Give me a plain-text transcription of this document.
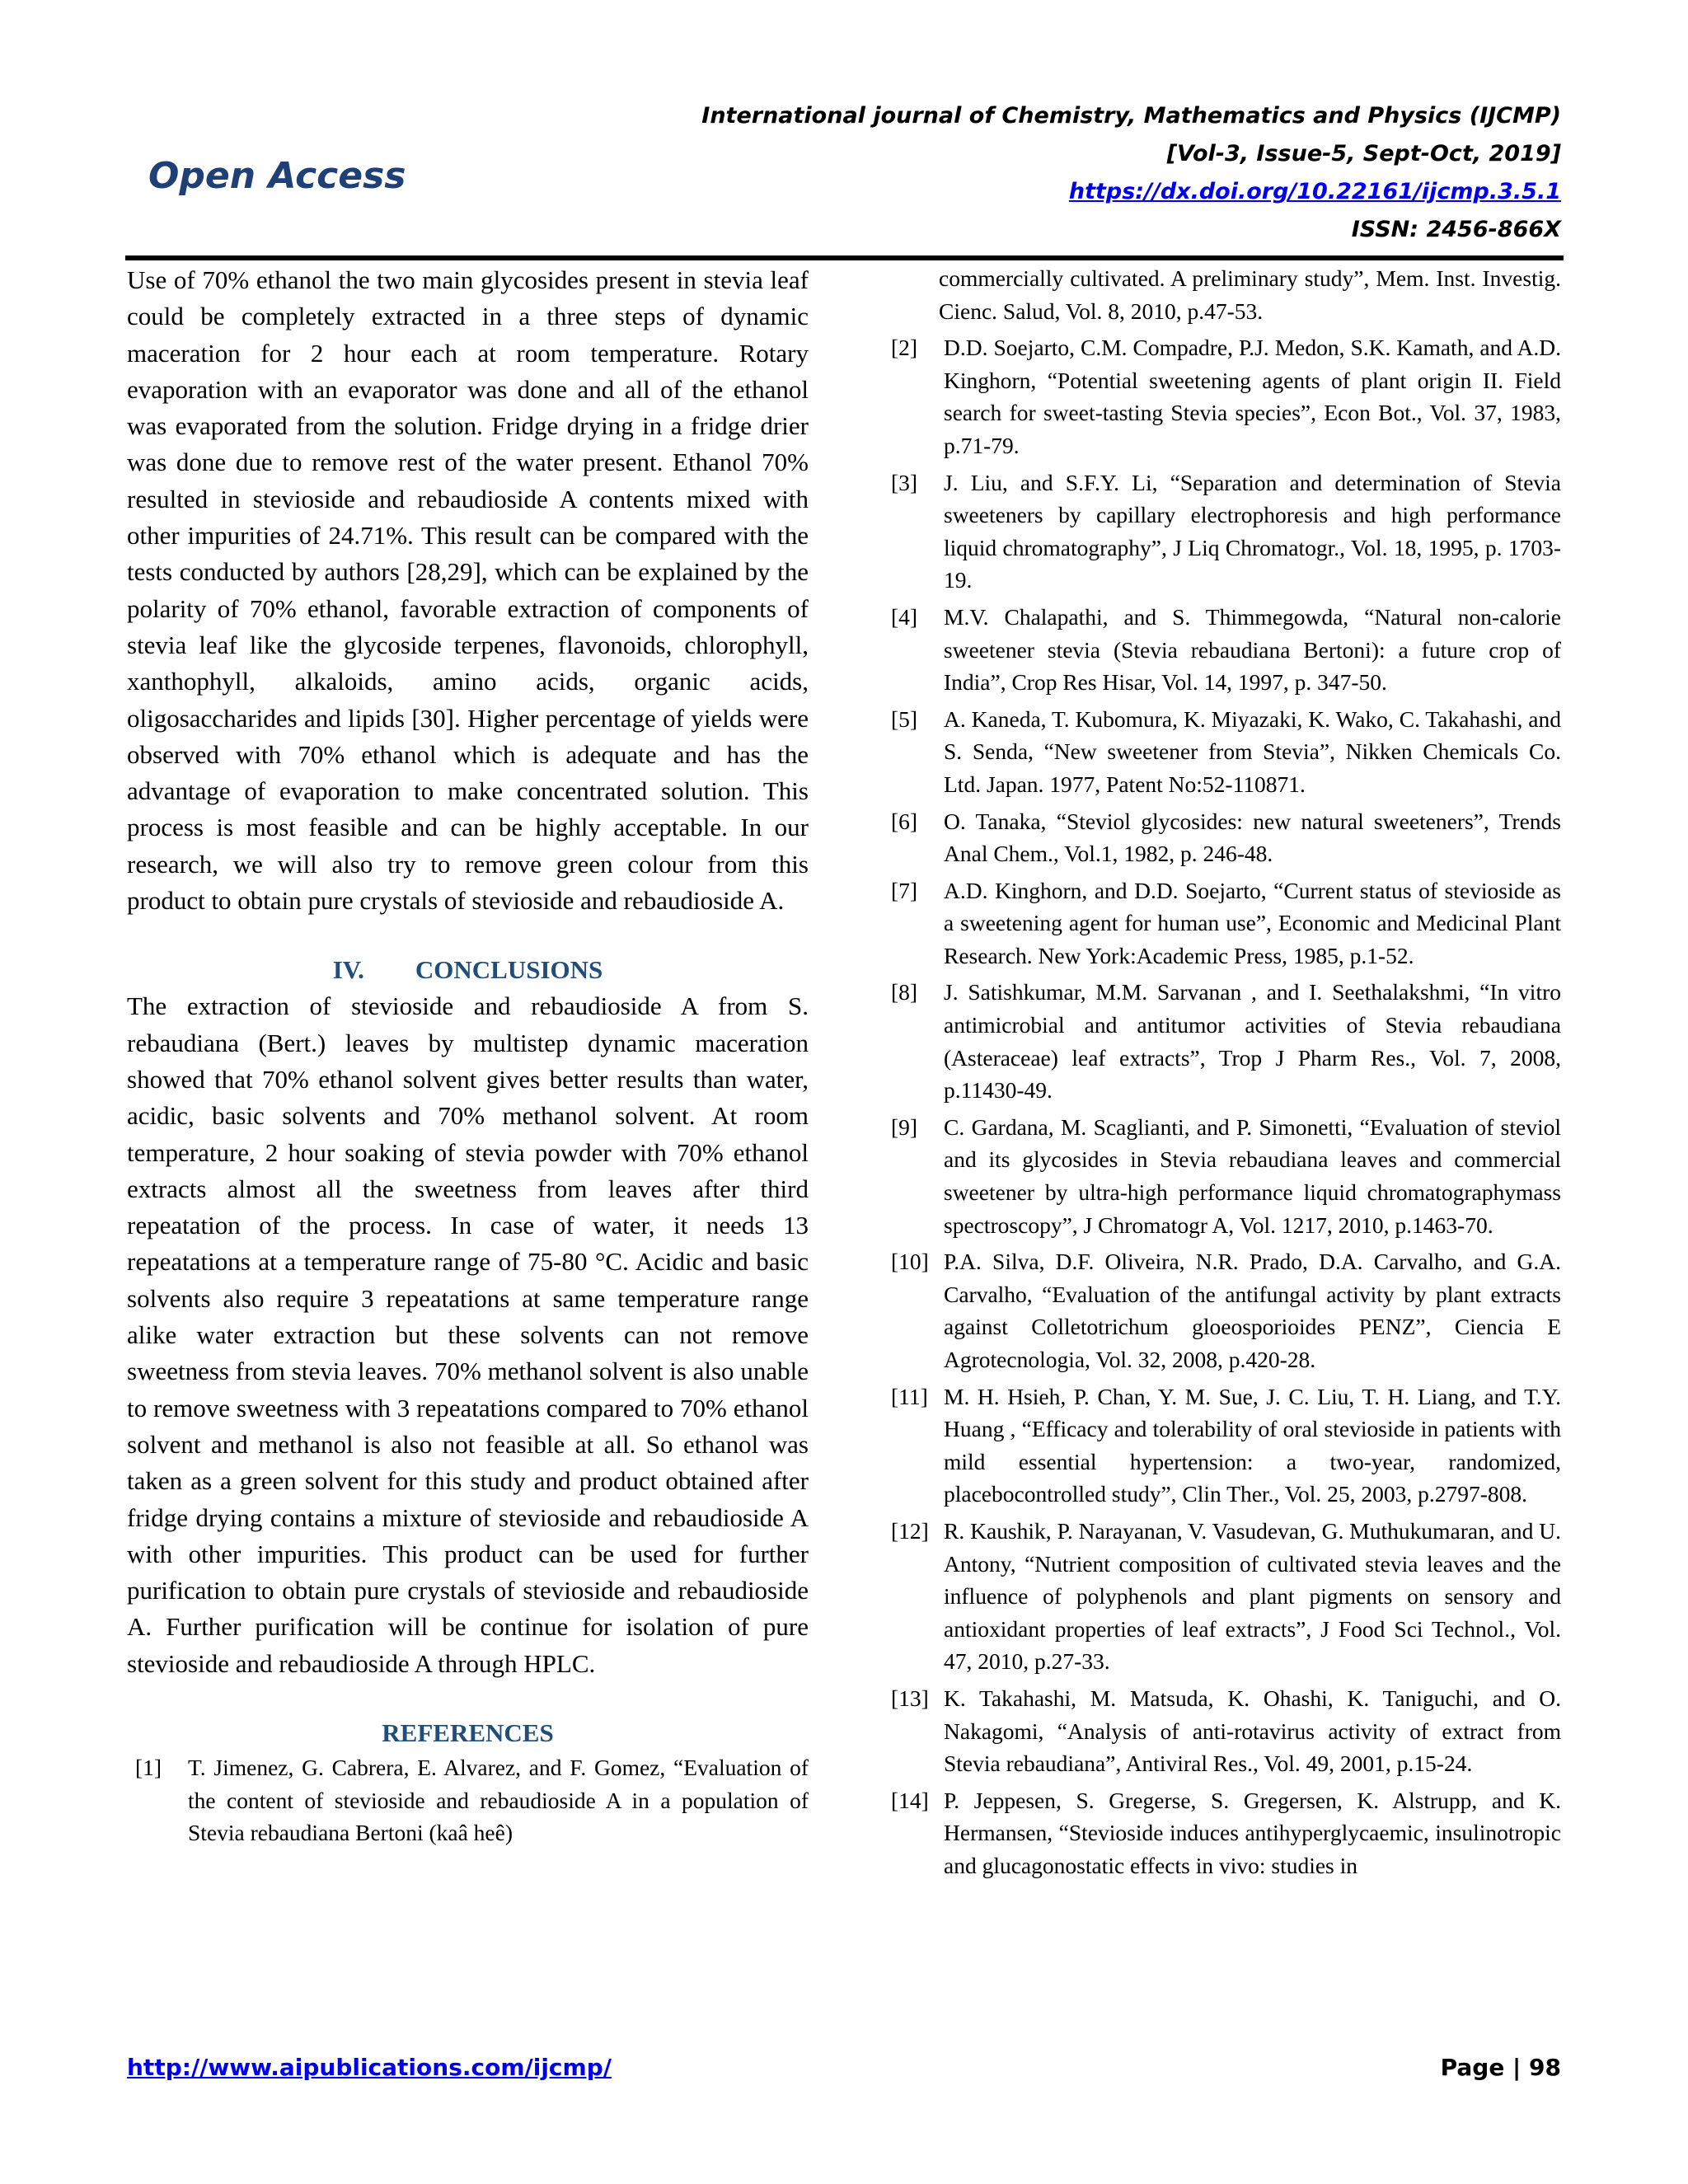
International journal of Chemistry, Mathematics and Physics (IJCMP)
[Vol-3, Issue-5, Sept-Oct, 2019]
https://dx.doi.org/10.22161/ijcmp.3.5.1
ISSN: 2456-866X
Open Access

Use of 70% ethanol the two main glycosides present in stevia leaf could be completely extracted in a three steps of dynamic maceration for 2 hour each at room temperature. Rotary evaporation with an evaporator was done and all of the ethanol was evaporated from the solution. Fridge drying in a fridge drier was done due to remove rest of the water present. Ethanol 70% resulted in stevioside and rebaudioside A contents mixed with other impurities of 24.71%. This result can be compared with the tests conducted by authors [28,29], which can be explained by the polarity of 70% ethanol, favorable extraction of components of stevia leaf like the glycoside terpenes, flavonoids, chlorophyll, xanthophyll, alkaloids, amino acids, organic acids, oligosaccharides and lipids [30]. Higher percentage of yields were observed with 70% ethanol which is adequate and has the advantage of evaporation to make concentrated solution. This process is most feasible and can be highly acceptable. In our research, we will also try to remove green colour from this product to obtain pure crystals of stevioside and rebaudioside A.

IV. CONCLUSIONS

The extraction of stevioside and rebaudioside A from S. rebaudiana (Bert.) leaves by multistep dynamic maceration showed that 70% ethanol solvent gives better results than water, acidic, basic solvents and 70% methanol solvent. At room temperature, 2 hour soaking of stevia powder with 70% ethanol extracts almost all the sweetness from leaves after third repeatation of the process. In case of water, it needs 13 repeatations at a temperature range of 75-80 °C. Acidic and basic solvents also require 3 repeatations at same temperature range alike water extraction but these solvents can not remove sweetness from stevia leaves. 70% methanol solvent is also unable to remove sweetness with 3 repeatations compared to 70% ethanol solvent and methanol is also not feasible at all. So ethanol was taken as a green solvent for this study and product obtained after fridge drying contains a mixture of stevioside and rebaudioside A with other impurities. This product can be used for further purification to obtain pure crystals of stevioside and rebaudioside A. Further purification will be continue for isolation of pure stevioside and rebaudioside A through HPLC.

REFERENCES
[1]	T. Jimenez, G. Cabrera, E. Alvarez, and F. Gomez, “Evaluation of the content of stevioside and rebaudioside A in a population of Stevia rebaudiana Bertoni (kaâ heê)

commercially cultivated. A preliminary study”, Mem. Inst. Investig. Cienc. Salud, Vol. 8, 2010, p.47-53.

[2]	D.D. Soejarto, C.M. Compadre, P.J. Medon, S.K. Kamath, and A.D. Kinghorn, “Potential sweetening agents of plant origin II. Field search for sweet-tasting Stevia species”, Econ Bot., Vol. 37, 1983, p.71-79.
[3]	J. Liu, and S.F.Y. Li, “Separation and determination of Stevia sweeteners by capillary electrophoresis and high performance liquid chromatography”, J Liq Chromatogr., Vol. 18, 1995, p. 1703-19.
[4]	M.V. Chalapathi, and S. Thimmegowda, “Natural non-calorie sweetener stevia (Stevia rebaudiana Bertoni): a future crop of India”, Crop Res Hisar, Vol. 14, 1997, p. 347-50.
[5]	A. Kaneda, T. Kubomura, K. Miyazaki, K. Wako, C. Takahashi, and S. Senda, “New sweetener from Stevia”, Nikken Chemicals Co. Ltd. Japan. 1977, Patent No:52-110871.
[6]	O. Tanaka, “Steviol glycosides: new natural sweeteners”, Trends Anal Chem., Vol.1, 1982, p. 246-48.
[7]	A.D. Kinghorn, and D.D. Soejarto, “Current status of stevioside as a sweetening agent for human use”, Economic and Medicinal Plant Research. New York:Academic Press, 1985, p.1-52.
[8]	J. Satishkumar, M.M. Sarvanan , and I. Seethalakshmi, “In vitro antimicrobial and antitumor activities of Stevia rebaudiana (Asteraceae) leaf extracts”, Trop J Pharm Res., Vol. 7, 2008, p.11430-49.
[9]	C. Gardana, M. Scaglianti, and P. Simonetti, “Evaluation of steviol and its glycosides in Stevia rebaudiana leaves and commercial sweetener by ultra-high performance liquid chromatographymass spectroscopy”, J Chromatogr A, Vol. 1217, 2010, p.1463-70.
[10] P.A. Silva, D.F. Oliveira, N.R. Prado, D.A. Carvalho, and G.A. Carvalho, “Evaluation of the antifungal activity by plant extracts against Colletotrichum gloeosporioides PENZ”, Ciencia E Agrotecnologia, Vol. 32, 2008, p.420-28.
[11] M. H. Hsieh, P. Chan, Y. M. Sue, J. C. Liu, T. H. Liang, and T.Y. Huang , “Efficacy and tolerability of oral stevioside in patients with mild essential hypertension: a two-year, randomized, placebocontrolled study”, Clin Ther., Vol. 25, 2003, p.2797-808.
[12] R. Kaushik, P. Narayanan, V. Vasudevan, G. Muthukumaran, and U. Antony, “Nutrient composition of cultivated stevia leaves and the influence of polyphenols and plant pigments on sensory and antioxidant properties of leaf extracts”, J Food Sci Technol., Vol. 47, 2010, p.27-33.
[13] K. Takahashi, M. Matsuda, K. Ohashi, K. Taniguchi, and O. Nakagomi, “Analysis of anti-rotavirus activity of extract from Stevia rebaudiana”, Antiviral Res., Vol. 49, 2001, p.15-24.
[14] P. Jeppesen, S. Gregerse, S. Gregersen, K. Alstrupp, and K. Hermansen, “Stevioside induces antihyperglycaemic, insulinotropic and glucagonostatic effects in vivo: studies in
http://www.aipublications.com/ijcmp/	Page | 98
